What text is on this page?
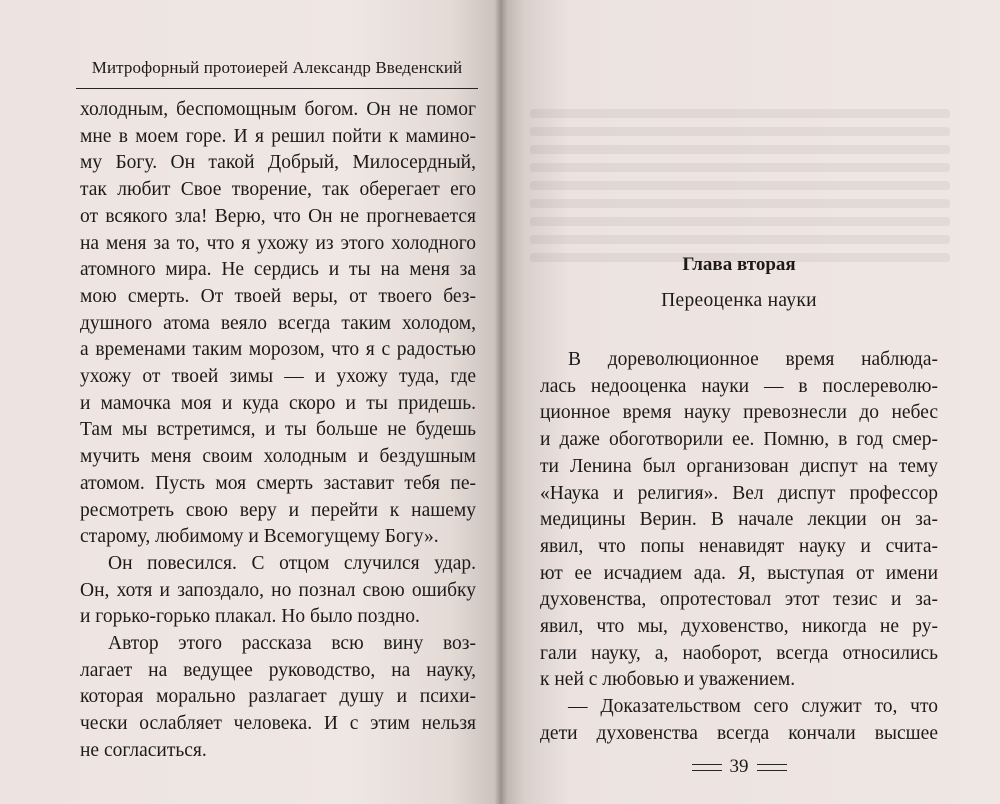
Митрофорный протоиерей Александр Введенский
холодным, беспомощным богом. Он не помог
мне в моем горе. И я решил пойти к мамино-
му Богу. Он такой Добрый, Милосердный,
так любит Свое творение, так оберегает его
от всякого зла! Верю, что Он не прогневается
на меня за то, что я ухожу из этого холодного
атомного мира. Не сердись и ты на меня за
мою смерть. От твоей веры, от твоего без-
душного атома веяло всегда таким холодом,
а временами таким морозом, что я с радостью
ухожу от твоей зимы — и ухожу туда, где
и мамочка моя и куда скоро и ты придешь.
Там мы встретимся, и ты больше не будешь
мучить меня своим холодным и бездушным
атомом. Пусть моя смерть заставит тебя пе-
ресмотреть свою веру и перейти к нашему
старому, любимому и Всемогущему Богу».
Он повесился. С отцом случился удар.
Он, хотя и запоздало, но познал свою ошибку
и горько-горько плакал. Но было поздно.
Автор этого рассказа всю вину воз-
лагает на ведущее руководство, на науку,
которая морально разлагает душу и психи-
чески ослабляет человека. И с этим нельзя
не согласиться.
Глава вторая
Переоценка науки
В дореволюционное время наблюда-
лась недооценка науки — в послереволю-
ционное время науку превознесли до небес
и даже обоготворили ее. Помню, в год смер-
ти Ленина был организован диспут на тему
«Наука и религия». Вел диспут профессор
медицины Верин. В начале лекции он за-
явил, что попы ненавидят науку и счита-
ют ее исчадием ада. Я, выступая от имени
духовенства, опротестовал этот тезис и за-
явил, что мы, духовенство, никогда не ру-
гали науку, а, наоборот, всегда относились
к ней с любовью и уважением.
— Доказательством сего служит то, что
дети духовенства всегда кончали высшее
39
